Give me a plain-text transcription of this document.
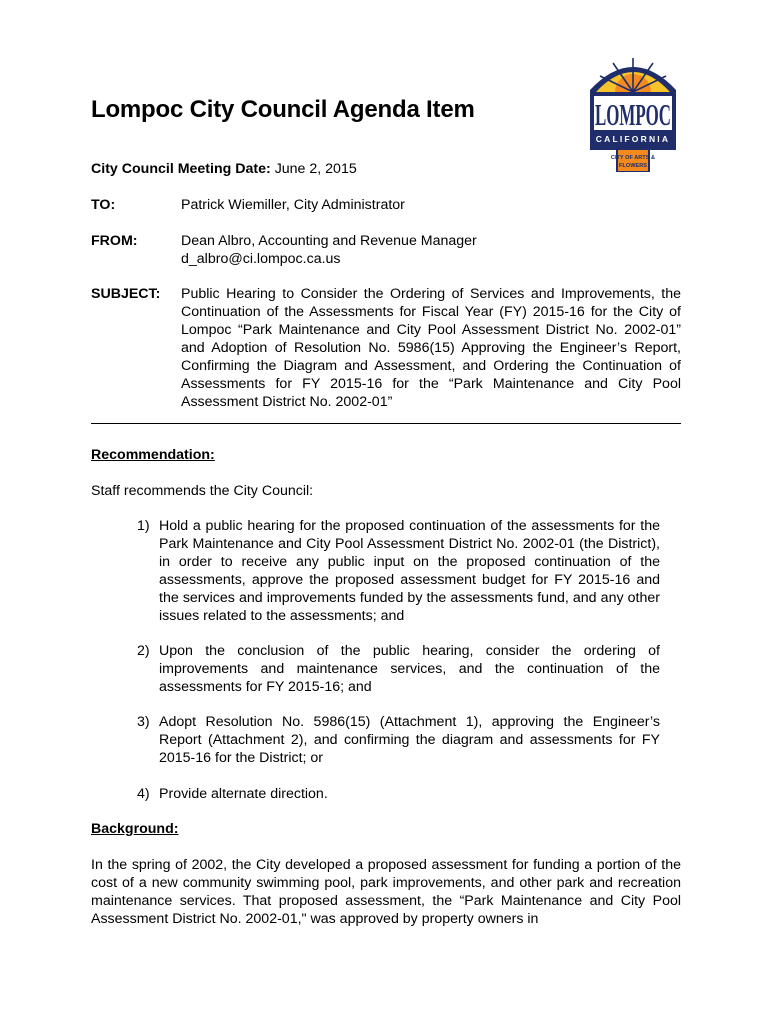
LOMPOC
CALIFORNIA
CITY OF ARTS &
FLOWERS
Lompoc City Council Agenda Item
City Council Meeting Date: June 2, 2015
TO:	Patrick Wiemiller, City Administrator
FROM:	Dean Albro, Accounting and Revenue Manager
d_albro@ci.lompoc.ca.us
SUBJECT: Public Hearing to Consider the Ordering of Services and Improvements, the Continuation of the Assessments for Fiscal Year (FY) 2015-16 for the City of Lompoc “Park Maintenance and City Pool Assessment District No. 2002-01” and Adoption of Resolution No. 5986(15) Approving the Engineer’s Report, Confirming the Diagram and Assessment, and Ordering the Continuation of Assessments for FY 2015-16 for the “Park Maintenance and City Pool Assessment District No. 2002-01”
Recommendation:
Staff recommends the City Council:
1) Hold a public hearing for the proposed continuation of the assessments for the Park Maintenance and City Pool Assessment District No. 2002-01 (the District), in order to receive any public input on the proposed continuation of the assessments, approve the proposed assessment budget for FY 2015-16 and the services and improvements funded by the assessments fund, and any other issues related to the assessments; and
2) Upon the conclusion of the public hearing, consider the ordering of improvements and maintenance services, and the continuation of the assessments for FY 2015-16; and
3) Adopt Resolution No. 5986(15) (Attachment 1), approving the Engineer’s Report (Attachment 2), and confirming the diagram and assessments for FY 2015-16 for the District; or
4) Provide alternate direction.
Background:
In the spring of 2002, the City developed a proposed assessment for funding a portion of the cost of a new community swimming pool, park improvements, and other park and recreation maintenance services. That proposed assessment, the “Park Maintenance and City Pool Assessment District No. 2002-01," was approved by property owners in
